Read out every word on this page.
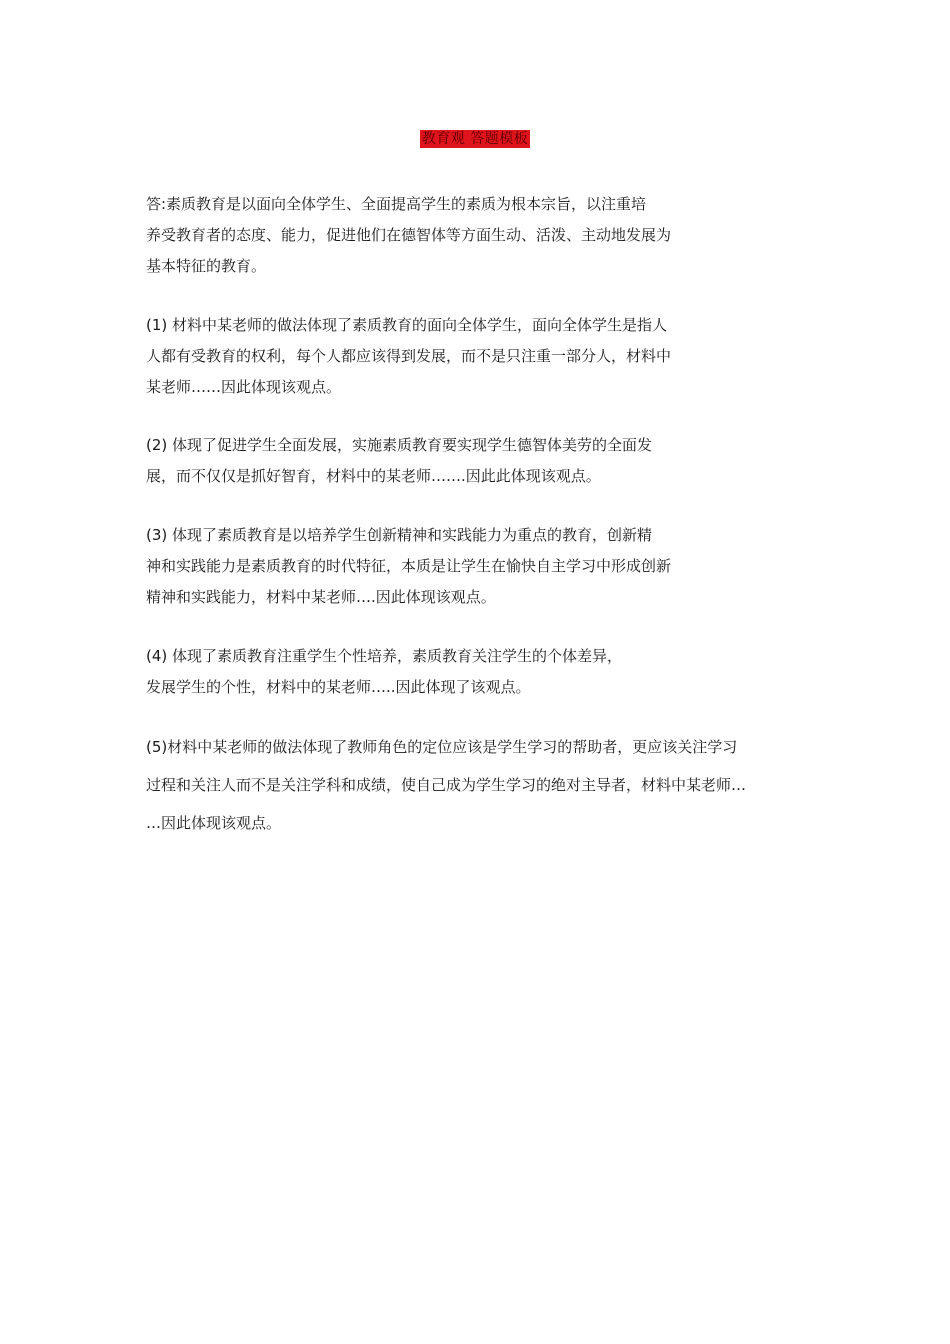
教育观 答题模板
答:素质教育是以面向全体学生、全面提高学生的素质为根本宗旨，以注重培
养受教育者的态度、能力，促进他们在德智体等方面生动、活泼、主动地发展为
基本特征的教育。
(1) 材料中某老师的做法体现了素质教育的面向全体学生，面向全体学生是指人
人都有受教育的权利，每个人都应该得到发展，而不是只注重一部分人，材料中
某老师……因此体现该观点。
(2) 体现了促进学生全面发展，实施素质教育要实现学生德智体美劳的全面发
展，而不仅仅是抓好智育，材料中的某老师…….因此此体现该观点。
(3) 体现了素质教育是以培养学生创新精神和实践能力为重点的教育，创新精
神和实践能力是素质教育的时代特征，本质是让学生在愉快自主学习中形成创新
精神和实践能力，材料中某老师….因此体现该观点。
(4) 体现了素质教育注重学生个性培养，素质教育关注学生的个体差异，
发展学生的个性，材料中的某老师…..因此体现了该观点。
(5)材料中某老师的做法体现了教师角色的定位应该是学生学习的帮助者，更应该关注学习
过程和关注人而不是关注学科和成绩，使自己成为学生学习的绝对主导者，材料中某老师…
…因此体现该观点。
